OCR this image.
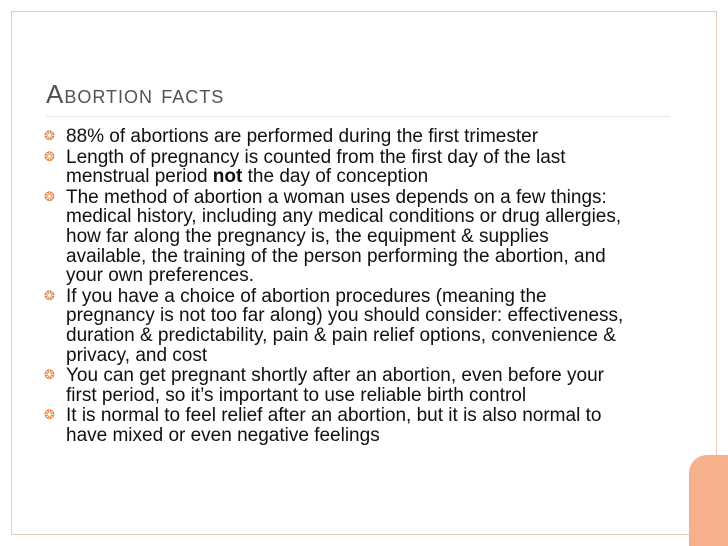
Abortion facts
❂ 88% of abortions are performed during the first trimester
❂ Length of pregnancy is counted from the first day of the last menstrual period not the day of conception
❂ The method of abortion a woman uses depends on a few things: medical history, including any medical conditions or drug allergies, how far along the pregnancy is, the equipment & supplies available, the training of the person performing the abortion, and your own preferences.
❂ If you have a choice of abortion procedures (meaning the pregnancy is not too far along) you should consider: effectiveness, duration & predictability, pain & pain relief options, convenience & privacy, and cost
❂ You can get pregnant shortly after an abortion, even before your first period, so it’s important to use reliable birth control
❂ It is normal to feel relief after an abortion, but it is also normal to have mixed or even negative feelings
